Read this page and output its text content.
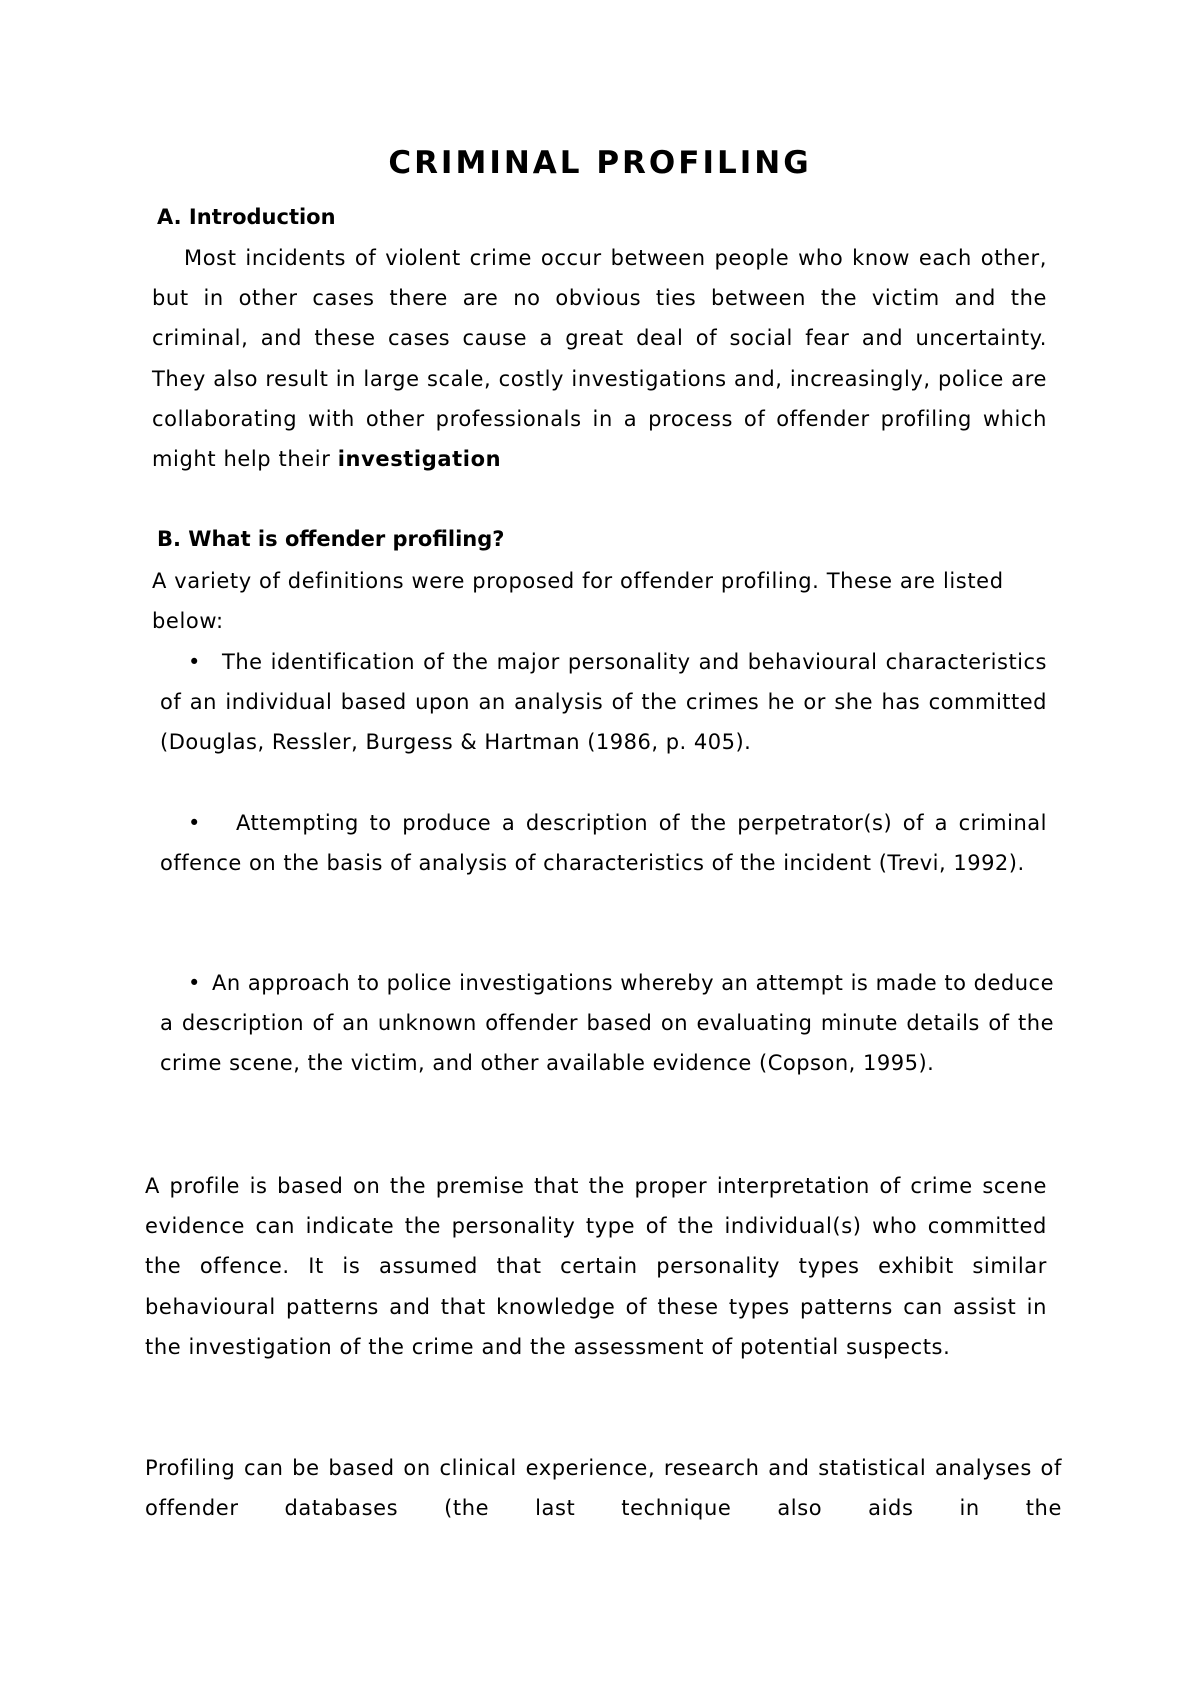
CRIMINAL PROFILING
A. Introduction

Most incidents of violent crime occur between people who know each other, but in other cases there are no obvious ties between the victim and the criminal, and these cases cause a great deal of social fear and uncertainty. They also result in large scale, costly investigations and, increasingly, police are collaborating with other professionals in a process of offender profiling which might help their investigation

B. What is offender profiling?

A variety of definitions were proposed for offender profiling. These are listed below:

• The identification of the major personality and behavioural characteristics of an individual based upon an analysis of the crimes he or she has committed (Douglas, Ressler, Burgess & Hartman (1986, p. 405).

• Attempting to produce a description of the perpetrator(s) of a criminal offence on the basis of analysis of characteristics of the incident (Trevi, 1992).

• An approach to police investigations whereby an attempt is made to deduce a description of an unknown offender based on evaluating minute details of the crime scene, the victim, and other available evidence (Copson, 1995).

A profile is based on the premise that the proper interpretation of crime scene evidence can indicate the personality type of the individual(s) who committed the offence. It is assumed that certain personality types exhibit similar behavioural patterns and that knowledge of these types patterns can assist in the investigation of the crime and the assessment of potential suspects.

Profiling can be based on clinical experience, research and statistical analyses of offender databases (the last technique also aids in the
